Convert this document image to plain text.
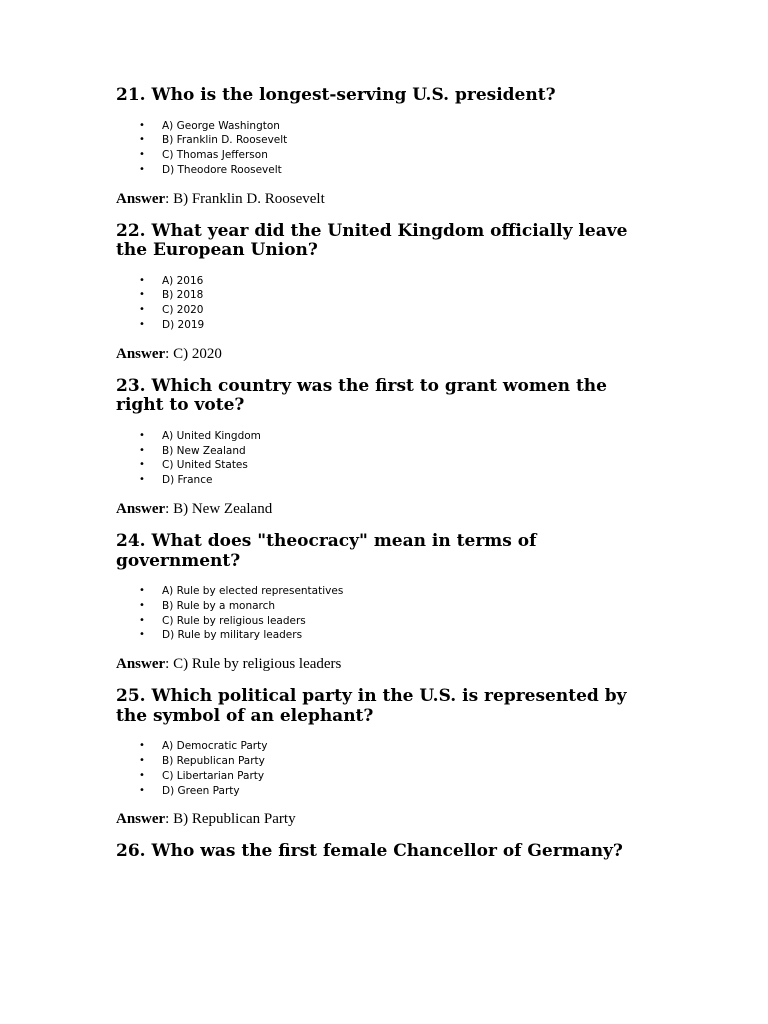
21. Who is the longest-serving U.S. president?
• A) George Washington
• B) Franklin D. Roosevelt
• C) Thomas Jefferson
• D) Theodore Roosevelt

Answer: B) Franklin D. Roosevelt

22. What year did the United Kingdom officially leave the European Union?
• A) 2016
• B) 2018
• C) 2020
• D) 2019

Answer: C) 2020

23. Which country was the first to grant women the right to vote?
• A) United Kingdom
• B) New Zealand
• C) United States
• D) France

Answer: B) New Zealand

24. What does "theocracy" mean in terms of government?
• A) Rule by elected representatives
• B) Rule by a monarch
• C) Rule by religious leaders
• D) Rule by military leaders

Answer: C) Rule by religious leaders

25. Which political party in the U.S. is represented by the symbol of an elephant?
• A) Democratic Party
• B) Republican Party
• C) Libertarian Party
• D) Green Party

Answer: B) Republican Party

26. Who was the first female Chancellor of Germany?
